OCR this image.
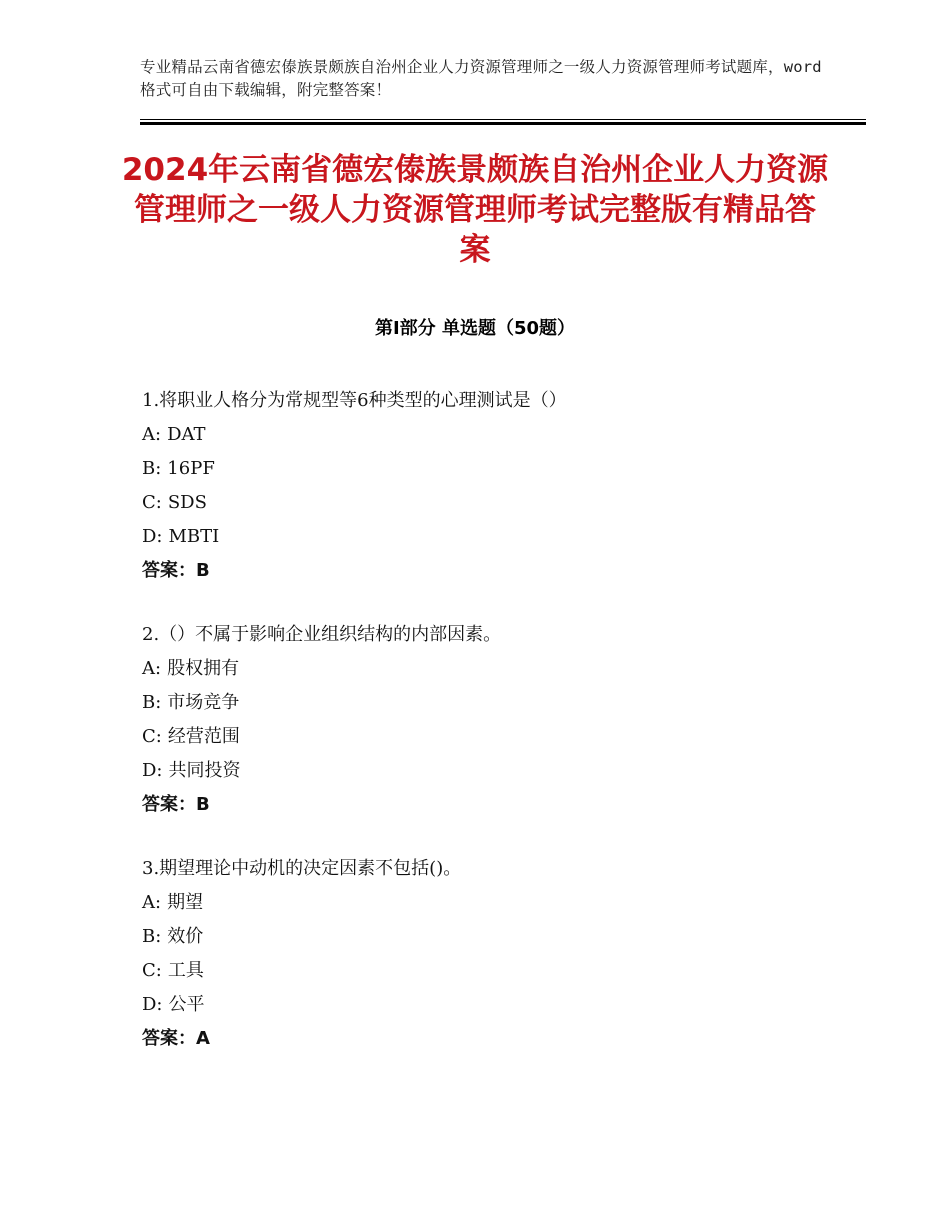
专业精品云南省德宏傣族景颇族自治州企业人力资源管理师之一级人力资源管理师考试题库，word格式可自由下载编辑，附完整答案！
2024年云南省德宏傣族景颇族自治州企业人力资源管理师之一级人力资源管理师考试完整版有精品答案
第Ⅰ部分 单选题（50题）
1.将职业人格分为常规型等6种类型的心理测试是（）
A: DAT
B: 16PF
C: SDS
D: MBTI
答案：B
2.（）不属于影响企业组织结构的内部因素。
A: 股权拥有
B: 市场竞争
C: 经营范围
D: 共同投资
答案：B
3.期望理论中动机的决定因素不包括()。
A: 期望
B: 效价
C: 工具
D: 公平
答案：A
